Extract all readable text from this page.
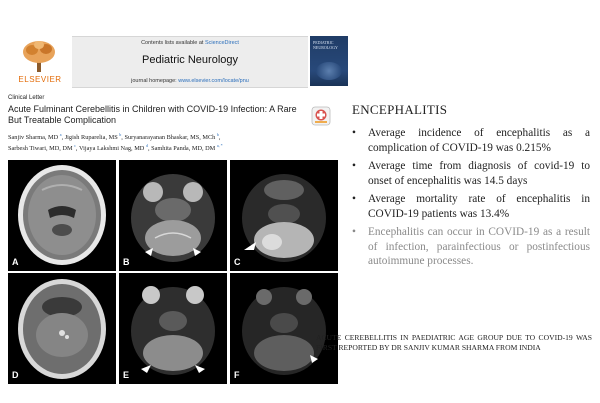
ELSEVIER
Contents lists available at ScienceDirect
Pediatric Neurology
journal homepage: www.elsevier.com/locate/pnu
PEDIATRIC NEUROLOGY
Clinical Letter
Acute Fulminant Cerebellitis in Children with COVID-19 Infection: A Rare But Treatable Complication
Sanjiv Sharma, MD $^a$, Jigish Ruparelia, MS $^b$, Suryanarayanan Bhaskar, MS, MCh $^b$,
Sarbesh Tiwari, MD, DM $^c$, Vijaya Lakshmi Nag, MD $^d$, Samhita Panda, MD, DM $^{a, *}$
A	B	C
D	E	F
ENCEPHALITIS
•	Average incidence of encephalitis as a complication of COVID-19 was 0.215%
•	Average time from diagnosis of covid-19 to onset of encephalitis was 14.5 days
•	Average mortality rate of encephalitis in COVID-19 patients was 13.4%
•	Encephalitis can occur in COVID-19 as a result of infection, parainfectious or postinfectious autoimmune processes.
ACUTE CEREBELLITIS IN PAEDIATRIC AGE GROUP DUE TO COVID-19 WAS FIRST REPORTED BY DR SANJIV KUMAR SHARMA FROM INDIA
